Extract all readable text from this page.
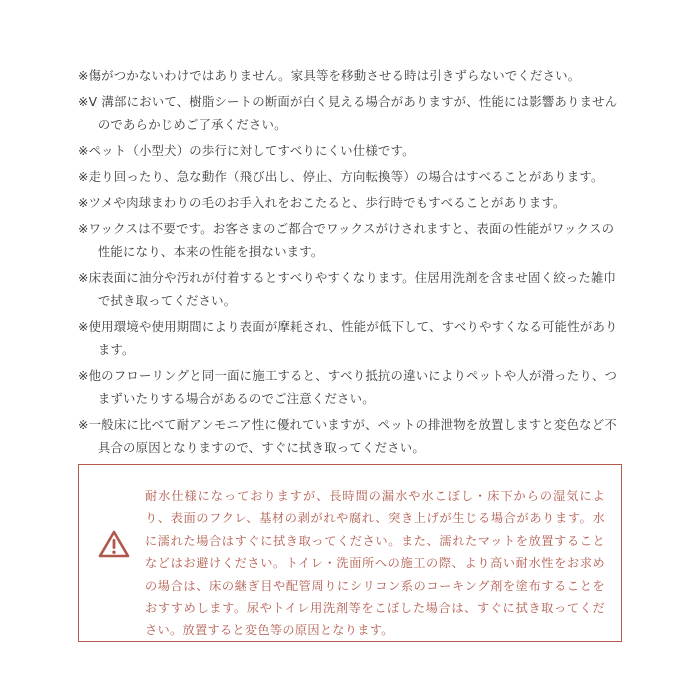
※傷がつかないわけではありません。家具等を移動させる時は引きずらないでください。
※V 溝部において、樹脂シートの断面が白く見える場合がありますが、性能には影響ありませんのであらかじめご了承ください。
※ペット（小型犬）の歩行に対してすべりにくい仕様です。
※走り回ったり、急な動作（飛び出し、停止、方向転換等）の場合はすべることがあります。
※ツメや肉球まわりの毛のお手入れをおこたると、歩行時でもすべることがあります。
※ワックスは不要です。お客さまのご都合でワックスがけされますと、表面の性能がワックスの性能になり、本来の性能を損ないます。
※床表面に油分や汚れが付着するとすべりやすくなります。住居用洗剤を含ませ固く絞った雑巾で拭き取ってください。
※使用環境や使用期間により表面が摩耗され、性能が低下して、すべりやすくなる可能性があります。
※他のフローリングと同一面に施工すると、すべり抵抗の違いによりペットや人が滑ったり、つまずいたりする場合があるのでご注意ください。
※一般床に比べて耐アンモニア性に優れていますが、ペットの排泄物を放置しますと変色など不具合の原因となりますので、すぐに拭き取ってください。

耐水仕様になっておりますが、長時間の漏水や水こぼし・床下からの湿気により、表面のフクレ、基材の剥がれや腐れ、突き上げが生じる場合があります。水に濡れた場合はすぐに拭き取ってください。また、濡れたマットを放置することなどはお避けください。トイレ・洗面所への施工の際、より高い耐水性をお求めの場合は、床の継ぎ目や配管周りにシリコン系のコーキング剤を塗布することをおすすめします。尿やトイレ用洗剤等をこぼした場合は、すぐに拭き取ってください。放置すると変色等の原因となります。
